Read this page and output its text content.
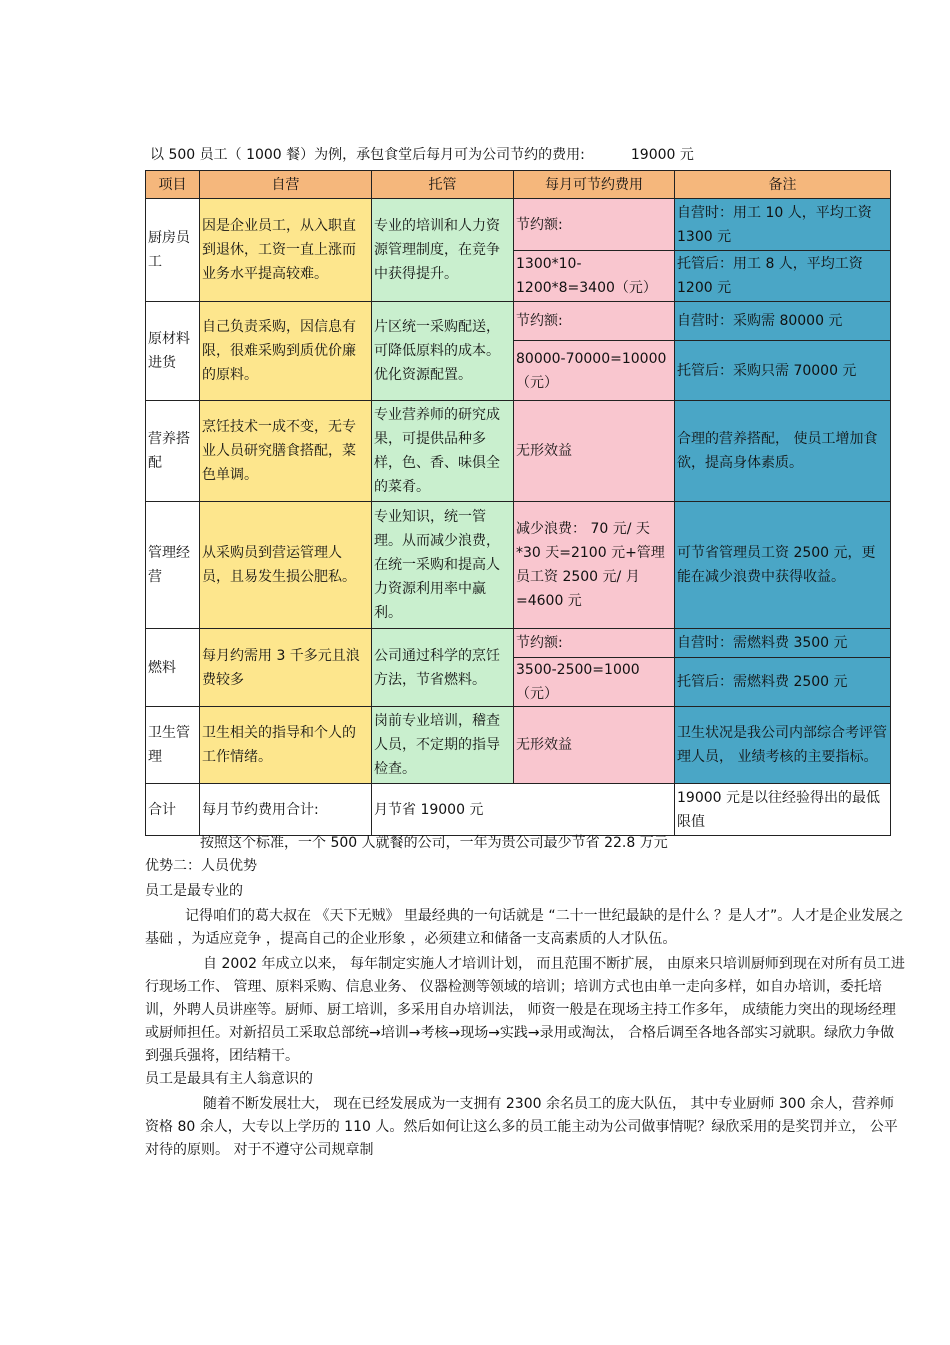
以 500 员工（ 1000 餐）为例，承包食堂后每月可为公司节约的费用:	19000 元
项目	自营	托管	每月可节约费用	备注
厨房员工	因是企业员工，从入职直到退休，工资一直上涨而业务水平提高较难。	专业的培训和人力资源管理制度，在竞争中获得提升。	节约额:	自营时：用工 10 人，平均工资 1300 元
			1300*10-1200*8=3400（元）	托管后：用工 8 人，平均工资 1200 元
原材料进货	自己负责采购，因信息有限，很难采购到质优价廉的原料。	片区统一采购配送，可降低原料的成本。优化资源配置。	节约额:	自营时：采购需 80000 元
			80000-70000=10000（元）	托管后：采购只需 70000 元
营养搭配	烹饪技术一成不变，无专业人员研究膳食搭配，菜色单调。	专业营养师的研究成果，可提供品种多样，色、香、味俱全的菜肴。	无形效益	合理的营养搭配， 使员工增加食欲，提高身体素质。
管理经营	从采购员到营运管理人员，且易发生损公肥私。	专业知识，统一管理。从而减少浪费，在统一采购和提高人力资源利用率中赢利。	减少浪费： 70 元/ 天*30 天=2100 元+管理员工资 2500 元/ 月=4600 元	可节省管理员工资 2500 元，更能在减少浪费中获得收益。
燃料	每月约需用 3 千多元且浪费较多	公司通过科学的烹饪方法，节省燃料。	节约额:	自营时：需燃料费 3500 元
			3500-2500=1000 （元）	托管后：需燃料费 2500 元
卫生管理	卫生相关的指导和个人的工作情绪。	岗前专业培训，稽查人员，不定期的指导检查。	无形效益	卫生状况是我公司内部综合考评管理人员， 业绩考核的主要指标。
合计	每月节约费用合计:	月节省 19000 元		19000 元是以往经验得出的最低限值

按照这个标准，一个 500 人就餐的公司，一年为贵公司最少节省 22.8 万元

优势二：人员优势

员工是最专业的

记得咱们的葛大叔在 《天下无贼》 里最经典的一句话就是 “二十一世纪最缺的是什么 ？是人才”。人才是企业发展之基础 ，为适应竞争 ，提高自己的企业形象 ，必须建立和储备一支高素质的人才队伍。

自 2002 年成立以来， 每年制定实施人才培训计划， 而且范围不断扩展， 由原来只培训厨师到现在对所有员工进行现场工作、 管理、原料采购、信息业务、 仪器检测等领域的培训；培训方式也由单一走向多样，如自办培训，委托培训，外聘人员讲座等。厨师、厨工培训，多采用自办培训法， 师资一般是在现场主持工作多年， 成绩能力突出的现场经理或厨师担任。对新招员工采取总部统→培训→考核→现场→实践→录用或淘汰， 合格后调至各地各部实习就职。绿欣力争做到强兵强将，团结精干。

员工是最具有主人翁意识的

随着不断发展壮大， 现在已经发展成为一支拥有 2300 余名员工的庞大队伍， 其中专业厨师 300 余人，营养师资格 80 余人，大专以上学历的 110 人。然后如何让这么多的员工能主动为公司做事情呢？绿欣采用的是奖罚并立， 公平对待的原则。 对于不遵守公司规章制
